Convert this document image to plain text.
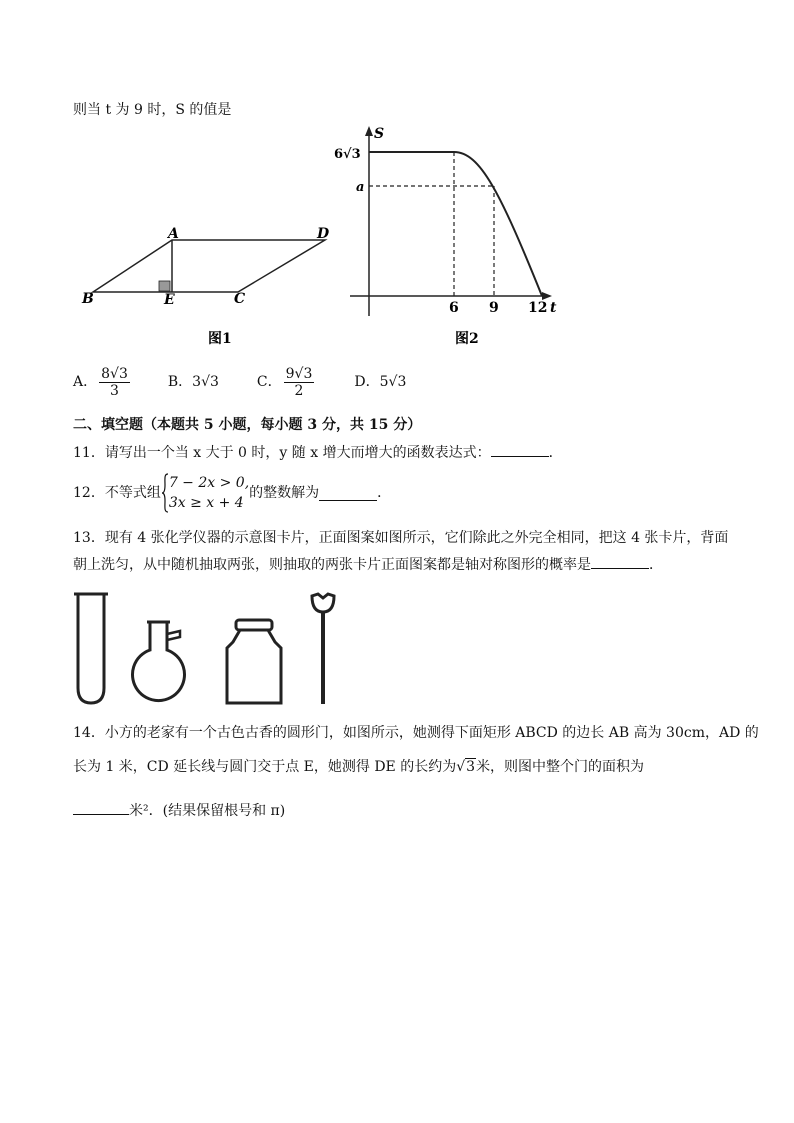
则当 t 为 9 时，S 的值是
A	D
B	E	C
图1
S
t
6√3
a
6 9 12
图2
A． $\frac{8√3}{3}$	B．3√3	C． $\frac{9√3}{2}$	D．5√3
二、填空题（本题共 5 小题，每小题 3 分，共 15 分）
11．请写出一个当 x 大于 0 时，y 随 x 增大而增大的函数表达式：	．
12．不等式组
7 − 2x > 0,
3x ≥ x + 4
的整数解为	．
13．现有 4 张化学仪器的示意图卡片，正面图案如图所示，它们除此之外完全相同，把这 4 张卡片，背面
朝上洗匀，从中随机抽取两张，则抽取的两张卡片正面图案都是轴对称图形的概率是	．
14．小方的老家有一个古色古香的圆形门，如图所示，她测得下面矩形 ABCD 的边长 AB 高为 30cm，AD 的
长为 1 米，CD 延长线与圆门交于点 E，她测得 DE 的长约为√3米，则图中整个门的面积为
米²．(结果保留根号和 π)
